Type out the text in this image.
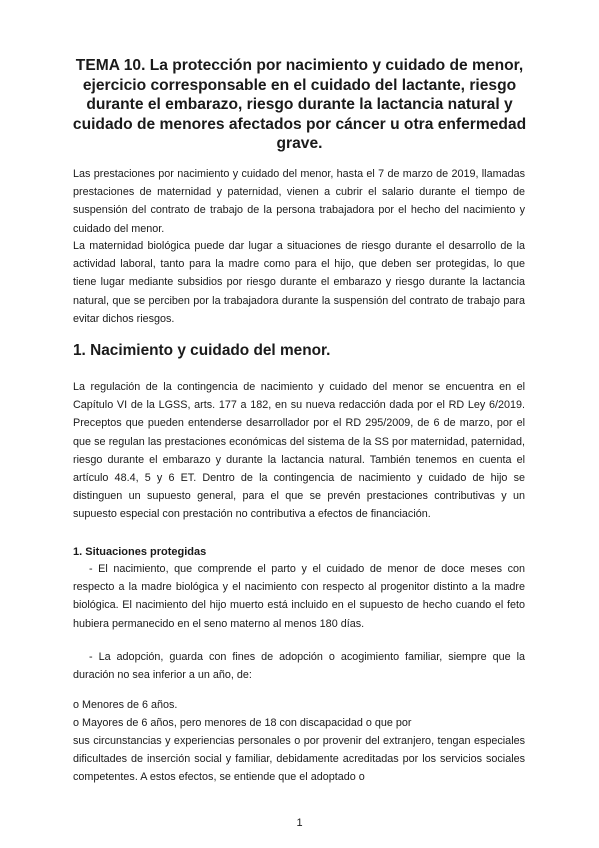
TEMA 10. La protección por nacimiento y cuidado de menor, ejercicio corresponsable en el cuidado del lactante, riesgo durante el embarazo, riesgo durante la lactancia natural y cuidado de menores afectados por cáncer u otra enfermedad grave.
Las prestaciones por nacimiento y cuidado del menor, hasta el 7 de marzo de 2019, llamadas prestaciones de maternidad y paternidad, vienen a cubrir el salario durante el tiempo de suspensión del contrato de trabajo de la persona trabajadora por el hecho del nacimiento y cuidado del menor.
La maternidad biológica puede dar lugar a situaciones de riesgo durante el desarrollo de la actividad laboral, tanto para la madre como para el hijo, que deben ser protegidas, lo que tiene lugar mediante subsidios por riesgo durante el embarazo y riesgo durante la lactancia natural, que se perciben por la trabajadora durante la suspensión del contrato de trabajo para evitar dichos riesgos.
1. Nacimiento y cuidado del menor.
La regulación de la contingencia de nacimiento y cuidado del menor se encuentra en el Capítulo VI de la LGSS, arts. 177 a 182, en su nueva redacción dada por el RD Ley 6/2019. Preceptos que pueden entenderse desarrollador por el RD 295/2009, de 6 de marzo, por el que se regulan las prestaciones económicas del sistema de la SS por maternidad, paternidad, riesgo durante el embarazo y durante la lactancia natural. También tenemos en cuenta el artículo 48.4, 5 y 6 ET. Dentro de la contingencia de nacimiento y cuidado de hijo se distinguen un supuesto general, para el que se prevén prestaciones contributivas y un supuesto especial con prestación no contributiva a efectos de financiación.
1. Situaciones protegidas
- El nacimiento, que comprende el parto y el cuidado de menor de doce meses con respecto a la madre biológica y el nacimiento con respecto al progenitor distinto a la madre biológica. El nacimiento del hijo muerto está incluido en el supuesto de hecho cuando el feto hubiera permanecido en el seno materno al menos 180 días.
- La adopción, guarda con fines de adopción o acogimiento familiar, siempre que la duración no sea inferior a un año, de:
o Menores de 6 años.
o Mayores de 6 años, pero menores de 18 con discapacidad o que por
sus circunstancias y experiencias personales o por provenir del extranjero, tengan especiales dificultades de inserción social y familiar, debidamente acreditadas por los servicios sociales competentes. A estos efectos, se entiende que el adoptado o
1
